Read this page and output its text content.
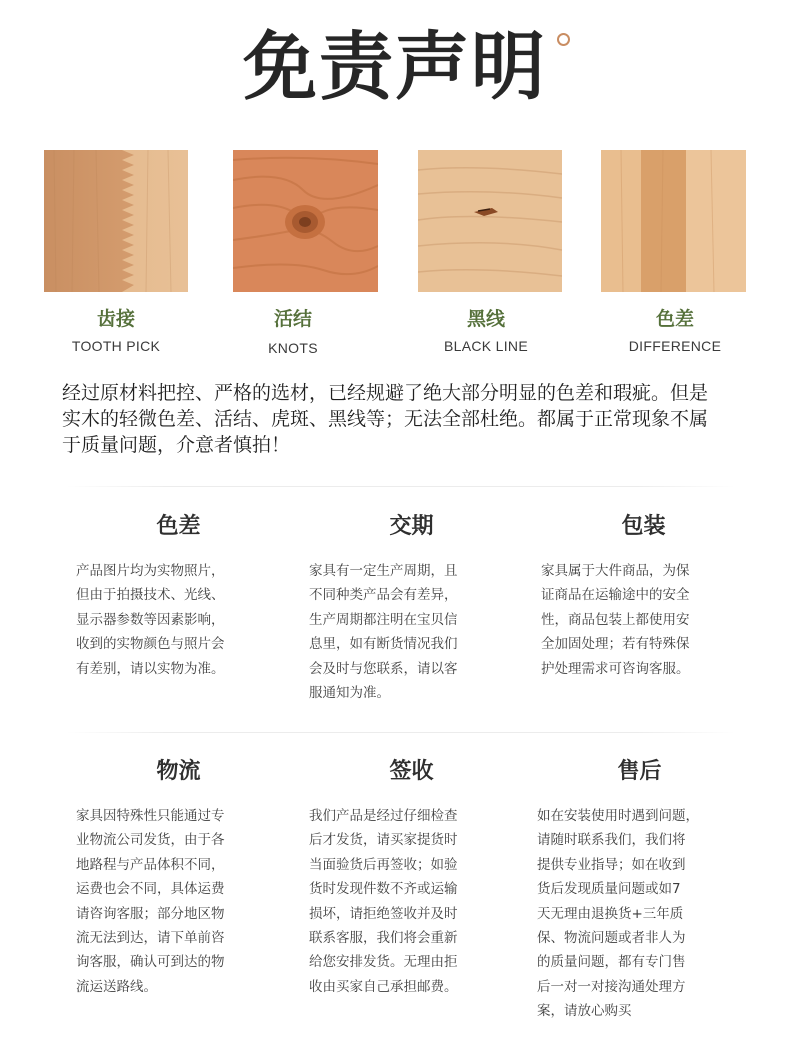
免责声明
齿接
TOOTH PICK
活结
KNOTS
黑线
BLACK LINE
色差
DIFFERENCE
经过原材料把控、严格的选材，已经规避了绝大部分明显的色差和瑕疵。但是
实木的轻微色差、活结、虎斑、黑线等；无法全部杜绝。都属于正常现象不属
于质量问题，介意者慎拍！
色差

产品图片均为实物照片，

但由于拍摄技术、光线、

显示器参数等因素影响，

收到的实物颜色与照片会

有差别，请以实物为准。

交期

家具有一定生产周期，且

不同种类产品会有差异，

生产周期都注明在宝贝信

息里，如有断货情况我们

会及时与您联系，请以客

服通知为准。

包装

家具属于大件商品，为保

证商品在运输途中的安全

性，商品包装上都使用安

全加固处理；若有特殊保

护处理需求可咨询客服。

物流

家具因特殊性只能通过专

业物流公司发货，由于各

地路程与产品体积不同，

运费也会不同，具体运费

请咨询客服；部分地区物

流无法到达，请下单前咨

询客服，确认可到达的物

流运送路线。

签收

我们产品是经过仔细检查

后才发货，请买家提货时

当面验货后再签收；如验

货时发现件数不齐或运输

损坏，请拒绝签收并及时

联系客服，我们将会重新

给您安排发货。无理由拒

收由买家自己承担邮费。

售后

如在安装使用时遇到问题，

请随时联系我们，我们将

提供专业指导；如在收到

货后发现质量问题或如7

天无理由退换货+三年质

保、物流问题或者非人为

的质量问题，都有专门售

后一对一对接沟通处理方

案，请放心购买
